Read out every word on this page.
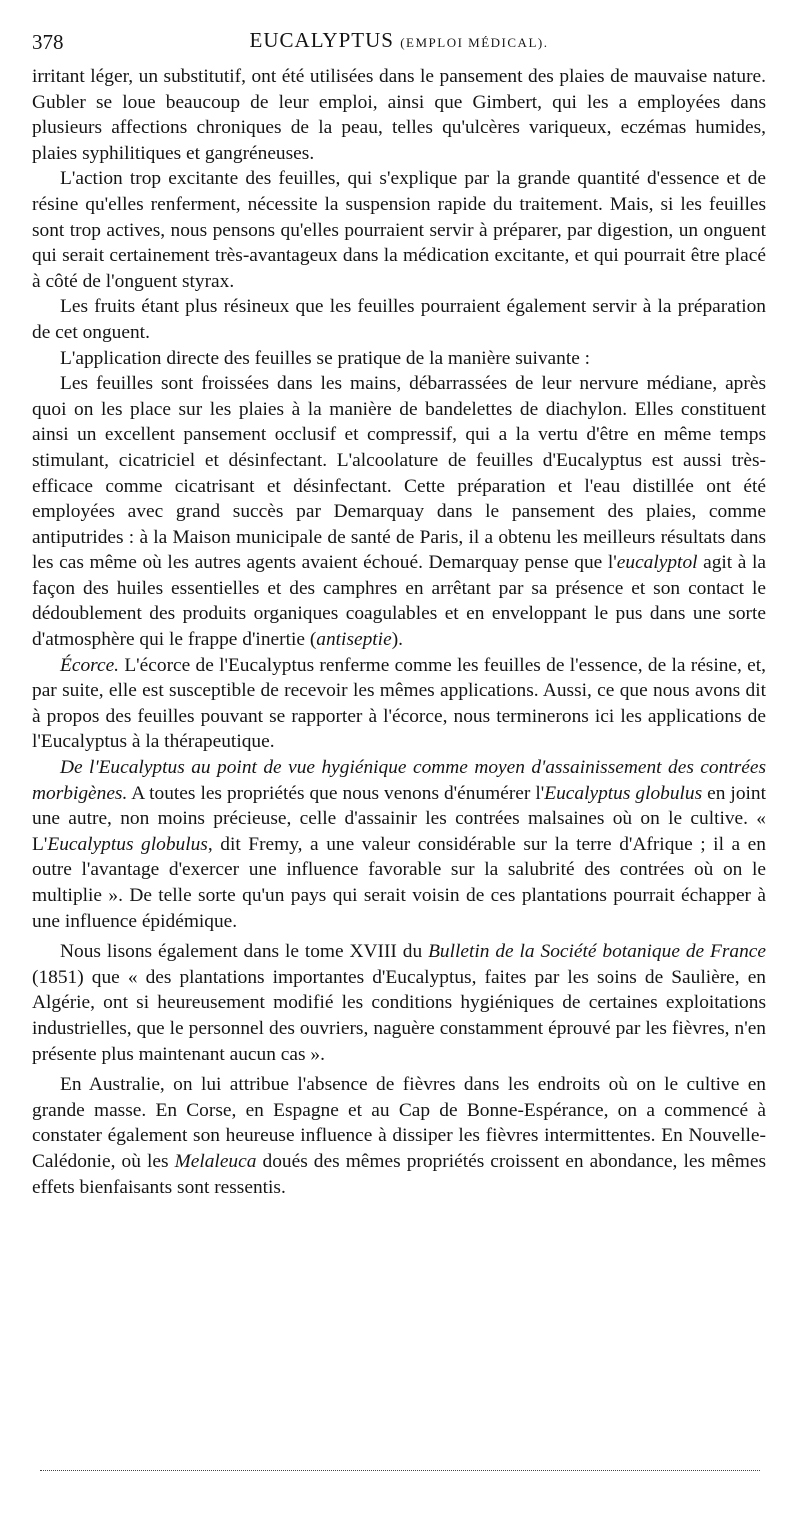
378	EUCALYPTUS (EMPLOI MÉDICAL).

irritant léger, un substitutif, ont été utilisées dans le pansement des plaies de mauvaise nature. Gubler se loue beaucoup de leur emploi, ainsi que Gimbert, qui les a employées dans plusieurs affections chroniques de la peau, telles qu'ulcères variqueux, eczémas humides, plaies syphilitiques et gangréneuses.

L'action trop excitante des feuilles, qui s'explique par la grande quantité d'essence et de résine qu'elles renferment, nécessite la suspension rapide du traitement. Mais, si les feuilles sont trop actives, nous pensons qu'elles pourraient servir à préparer, par digestion, un onguent qui serait certainement très-avantageux dans la médication excitante, et qui pourrait être placé à côté de l'onguent styrax.

Les fruits étant plus résineux que les feuilles pourraient également servir à la préparation de cet onguent.

L'application directe des feuilles se pratique de la manière suivante :

Les feuilles sont froissées dans les mains, débarrassées de leur nervure médiane, après quoi on les place sur les plaies à la manière de bandelettes de diachylon. Elles constituent ainsi un excellent pansement occlusif et compressif, qui a la vertu d'être en même temps stimulant, cicatriciel et désinfectant. L'alcoolature de feuilles d'Eucalyptus est aussi très-efficace comme cicatrisant et désinfectant. Cette préparation et l'eau distillée ont été employées avec grand succès par Demarquay dans le pansement des plaies, comme antiputrides : à la Maison municipale de santé de Paris, il a obtenu les meilleurs résultats dans les cas même où les autres agents avaient échoué. Demarquay pense que l'eucalyptol agit à la façon des huiles essentielles et des camphres en arrêtant par sa présence et son contact le dédoublement des produits organiques coagulables et en enveloppant le pus dans une sorte d'atmosphère qui le frappe d'inertie (antiseptie).

Écorce. L'écorce de l'Eucalyptus renferme comme les feuilles de l'essence, de la résine, et, par suite, elle est susceptible de recevoir les mêmes applications. Aussi, ce que nous avons dit à propos des feuilles pouvant se rapporter à l'écorce, nous terminerons ici les applications de l'Eucalyptus à la thérapeutique.

De l'Eucalyptus au point de vue hygiénique comme moyen d'assainissement des contrées morbigènes. A toutes les propriétés que nous venons d'énumérer l'Eucalyptus globulus en joint une autre, non moins précieuse, celle d'assainir les contrées malsaines où on le cultive. « L'Eucalyptus globulus, dit Fremy, a une valeur considérable sur la terre d'Afrique ; il a en outre l'avantage d'exercer une influence favorable sur la salubrité des contrées où on le multiplie ». De telle sorte qu'un pays qui serait voisin de ces plantations pourrait échapper à une influence épidémique.

Nous lisons également dans le tome XVIII du Bulletin de la Société botanique de France (1851) que « des plantations importantes d'Eucalyptus, faites par les soins de Saulière, en Algérie, ont si heureusement modifié les conditions hygiéniques de certaines exploitations industrielles, que le personnel des ouvriers, naguère constamment éprouvé par les fièvres, n'en présente plus maintenant aucun cas ».

En Australie, on lui attribue l'absence de fièvres dans les endroits où on le cultive en grande masse. En Corse, en Espagne et au Cap de Bonne-Espérance, on a commencé à constater également son heureuse influence à dissiper les fièvres intermittentes. En Nouvelle-Calédonie, où les Melaleuca doués des mêmes propriétés croissent en abondance, les mêmes effets bienfaisants sont ressentis.
